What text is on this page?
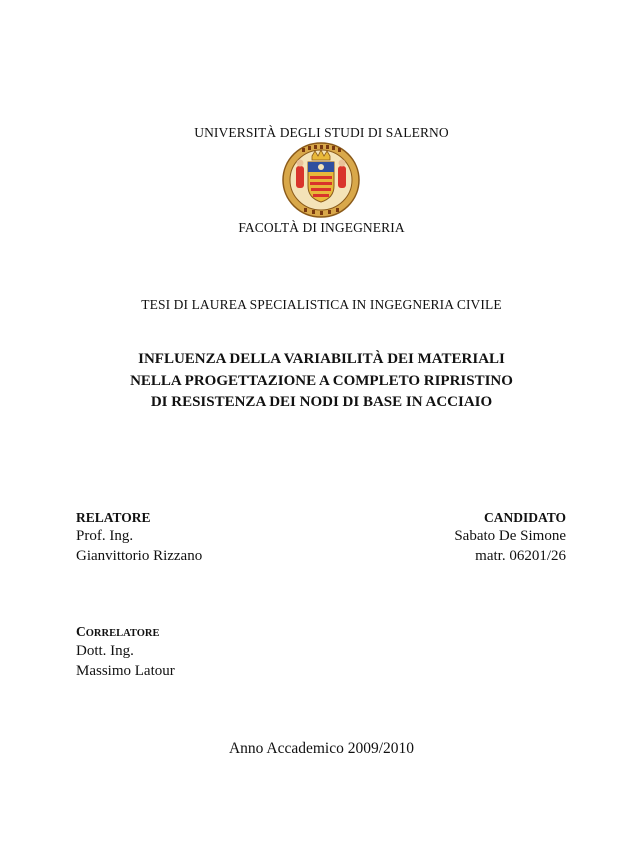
UNIVERSITÀ DEGLI STUDI DI SALERNO
FACOLTÀ DI INGEGNERIA
TESI DI LAUREA SPECIALISTICA IN INGEGNERIA CIVILE
INFLUENZA DELLA VARIABILITÀ DEI MATERIALI
NELLA PROGETTAZIONE A COMPLETO RIPRISTINO
DI RESISTENZA DEI NODI DI BASE IN ACCIAIO
RELATORE
Prof. Ing.
Gianvittorio Rizzano
CANDIDATO
Sabato De Simone
matr. 06201/26
CORRELATORE
Dott. Ing.
Massimo Latour
Anno Accademico 2009/2010
